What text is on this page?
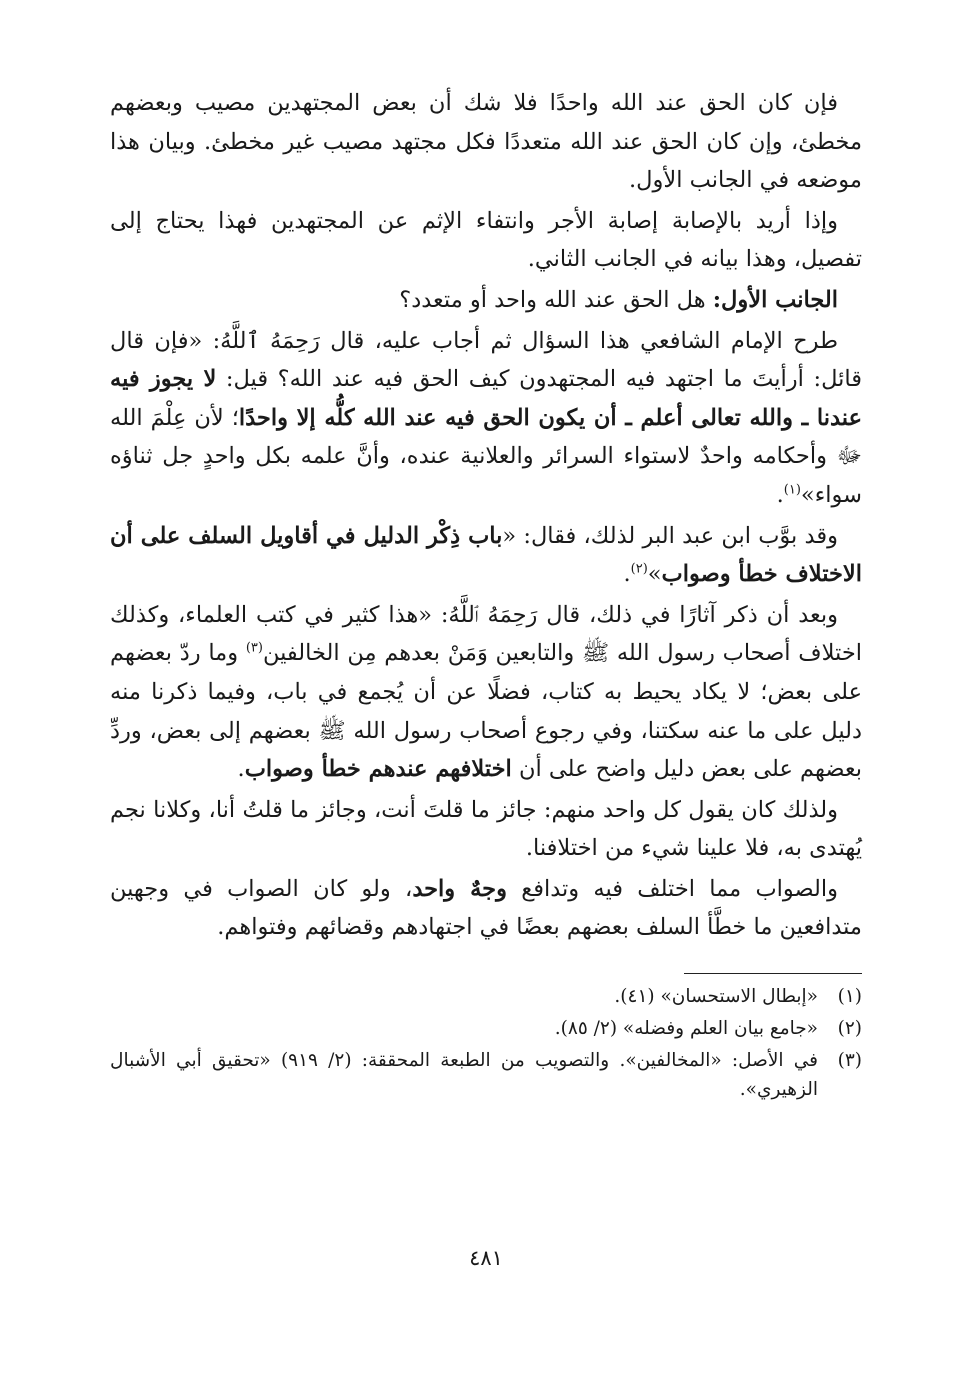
فإن كان الحق عند الله واحدًا فلا شك أن بعض المجتهدين مصيب وبعضهم مخطئ، وإن كان الحق عند الله متعددًا فكل مجتهد مصيب غير مخطئ. وبيان هذا موضعه في الجانب الأول.

وإذا أريد بالإصابة إصابة الأجر وانتفاء الإثم عن المجتهدين فهذا يحتاج إلى تفصيل، وهذا بيانه في الجانب الثاني.

الجانب الأول: هل الحق عند الله واحد أو متعدد؟

طرح الإمام الشافعي هذا السؤال ثم أجاب عليه، قال رَحِمَهُ ٱللَّهُ: «فإن قال قائل: أرأيتَ ما اجتهد فيه المجتهدون كيف الحق فيه عند الله؟ قيل: لا يجوز فيه عندنا ـ والله تعالى أعلم ـ أن يكون الحق فيه عند الله كلُّه إلا واحدًا؛ لأن عِلْمَ الله ﷻ وأحكامه واحدٌ لاستواء السرائر والعلانية عنده، وأنَّ علمه بكل واحدٍ جل ثناؤه سواء»$^{(١)}$.

وقد بوَّب ابن عبد البر لذلك، فقال: «باب ذِكْر الدليل في أقاويل السلف على أن الاختلاف خطأ وصواب»$^{(٢)}$.

وبعد أن ذكر آثارًا في ذلك، قال رَحِمَهُ ٱللَّهُ: «هذا كثير في كتب العلماء، وكذلك اختلاف أصحاب رسول الله ﷺ والتابعين وَمَنْ بعدهم مِن الخالفين$^{(٣)}$ وما ردّ بعضهم على بعض؛ لا يكاد يحيط به كتاب، فضلًا عن أن يُجمع في باب، وفيما ذكرنا منه دليل على ما عنه سكتنا، وفي رجوع أصحاب رسول الله ﷺ بعضهم إلى بعض، وردِّ بعضهم على بعض دليل واضح على أن اختلافهم عندهم خطأ وصواب.

ولذلك كان يقول كل واحد منهم: جائز ما قلتَ أنت، وجائز ما قلتُ أنا، وكلانا نجم يُهتدى به، فلا علينا شيء من اختلافنا.

والصواب مما اختلف فيه وتدافع وجهٌ واحد، ولو كان الصواب في وجهين متدافعين ما خطَّأ السلف بعضهم بعضًا في اجتهادهم وقضائهم وفتواهم.

(١)
«إبطال الاستحسان» (٤١).
(٢)
«جامع بيان العلم وفضله» (٢/ ٨٥).
(٣)
في الأصل: «المخالفين». والتصويب من الطبعة المحققة: (٢/ ٩١٩) «تحقيق أبي الأشبال الزهيري».
٤٨١
